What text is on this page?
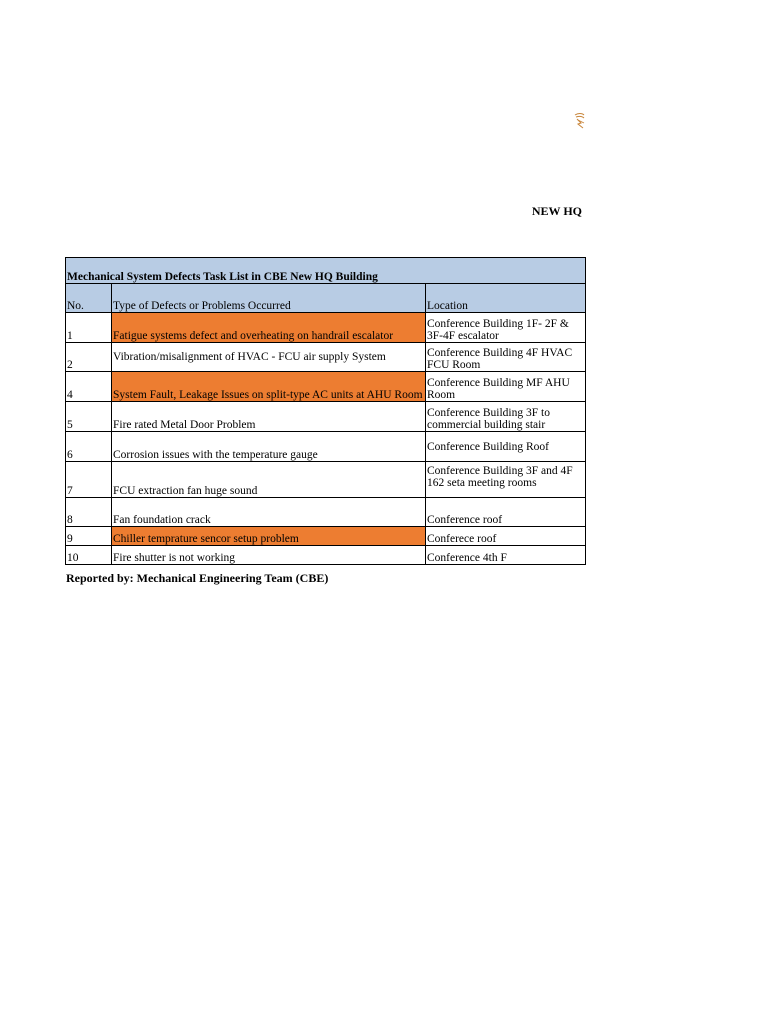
NEW HQ
Mechanical System Defects Task List in CBE New HQ Building		
No.	Type of Defects or Problems Occurred	Location
1	Fatigue systems defect and overheating on handrail escalator	Conference Building 1F- 2F & 3F-4F escalator
2	Vibration/misalignment of HVAC - FCU air supply System	Conference Building 4F HVAC FCU Room
4	System Fault, Leakage Issues on split-type AC units at AHU Room	Conference Building MF AHU Room
5	Fire rated Metal Door Problem	Conference Building 3F to commercial building stair
6	Corrosion issues with the temperature gauge	Conference Building Roof
7	FCU extraction fan huge sound	Conference Building 3F and 4F 162 seta meeting rooms
8	Fan foundation crack	Conference roof
9	Chiller temprature sencor setup problem	Conferece roof
10	Fire shutter is not working	Conference 4th F
Reported by: Mechanical Engineering Team (CBE)
